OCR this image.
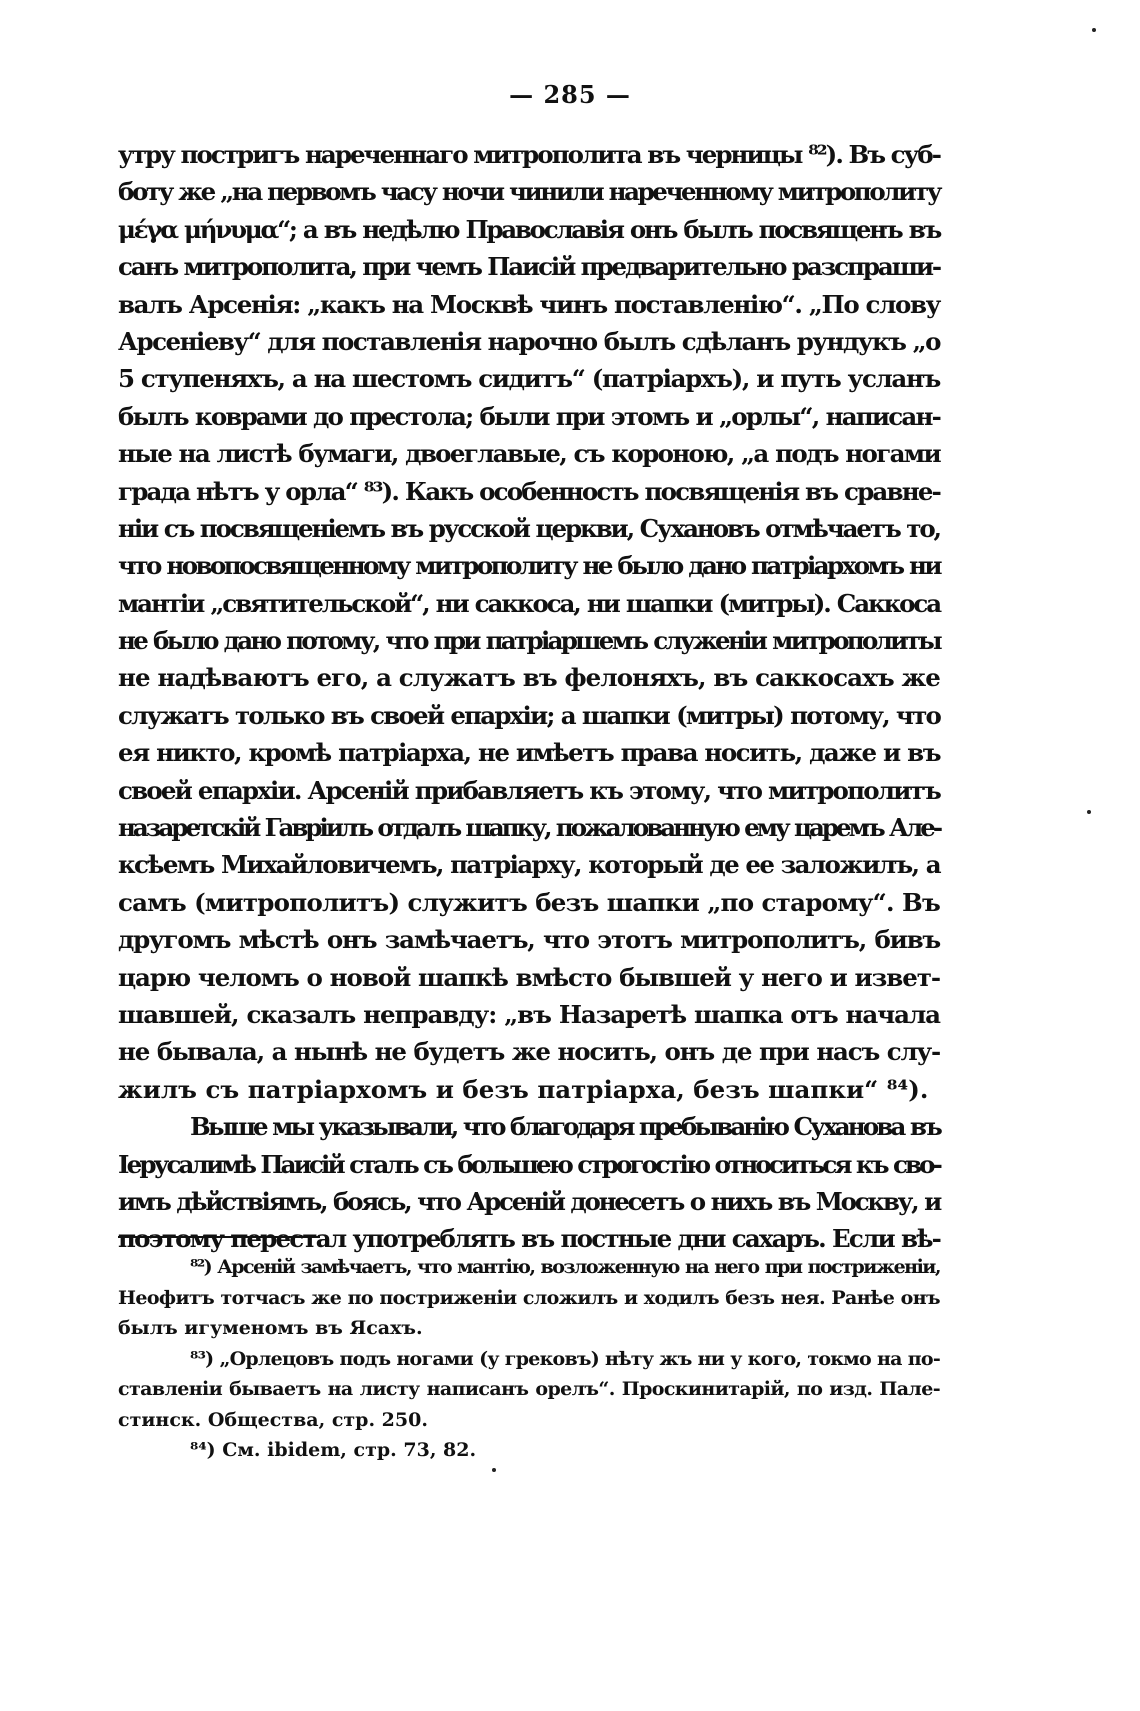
— 285 —
утру постригъ нареченнаго митрополита въ черницы ⁸²). Въ суб-
боту же „на первомъ часу ночи чинили нареченному митрополиту
μέγα μήνυμα“; а въ недѣлю Православія онъ былъ посвященъ въ
санъ митрополита, при чемъ Паисій предварительно разспраши-
валъ Арсенія: „какъ на Москвѣ чинъ поставленію“. „По слову
Арсеніеву“ для поставленія нарочно былъ сдѣланъ рундукъ „о
5 ступеняхъ, а на шестомъ сидитъ“ (патріархъ), и путь усланъ
былъ коврами до престола; были при этомъ и „орлы“, написан-
ные на листѣ бумаги, двоеглавые, съ короною, „а подъ ногами
града нѣтъ у орла“ ⁸³). Какъ особенность посвященія въ сравне-
ніи съ посвященіемъ въ русской церкви, Сухановъ отмѣчаетъ то,
что новопосвященному митрополиту не было дано патріархомъ ни
мантіи „святительской“, ни саккоса, ни шапки (митры). Саккоса
не было дано потому, что при патріаршемъ служеніи митрополиты
не надѣваютъ его, а служатъ въ фелоняхъ, въ саккосахъ же
служатъ только въ своей епархіи; а шапки (митры) потому, что
ея никто, кромѣ патріарха, не имѣетъ права носить, даже и въ
своей епархіи. Арсеній прибавляетъ къ этому, что митрополитъ
назаретскій Гавріилъ отдалъ шапку, пожалованную ему царемъ Але-
ксѣемъ Михайловичемъ, патріарху, который де ее заложилъ, а
самъ (митрополитъ) служитъ безъ шапки „по старому“. Въ
другомъ мѣстѣ онъ замѣчаетъ, что этотъ митрополитъ, бивъ
царю челомъ о новой шапкѣ вмѣсто бывшей у него и извет-
шавшей, сказалъ неправду: „въ Назаретѣ шапка отъ начала
не бывала, а нынѣ не будетъ же носить, онъ де при насъ слу-
жилъ съ патріархомъ и безъ патріарха, безъ шапки“ ⁸⁴).
Выше мы указывали, что благодаря пребыванію Суханова въ
Іерусалимѣ Паисій сталъ съ большею строгостію относиться къ сво-
имъ дѣйствіямъ, боясь, что Арсеній донесетъ о нихъ въ Москву, и
поэтому перестал употреблять въ постные дни сахаръ. Если вѣ-
⁸²) Арсеній замѣчаетъ, что мантію, возложенную на него при постриженіи,
Неофитъ тотчасъ же по постриженіи сложилъ и ходилъ безъ нея. Ранѣе онъ
былъ игуменомъ въ Ясахъ.
⁸³) „Орлецовъ подъ ногами (у грековъ) нѣту жъ ни у кого, токмо на по-
ставленіи бываетъ на листу написанъ орелъ“. Проскинитарій, по изд. Пале-
стинск. Общества, стр. 250.
⁸⁴) См. ibidem, стр. 73, 82.
